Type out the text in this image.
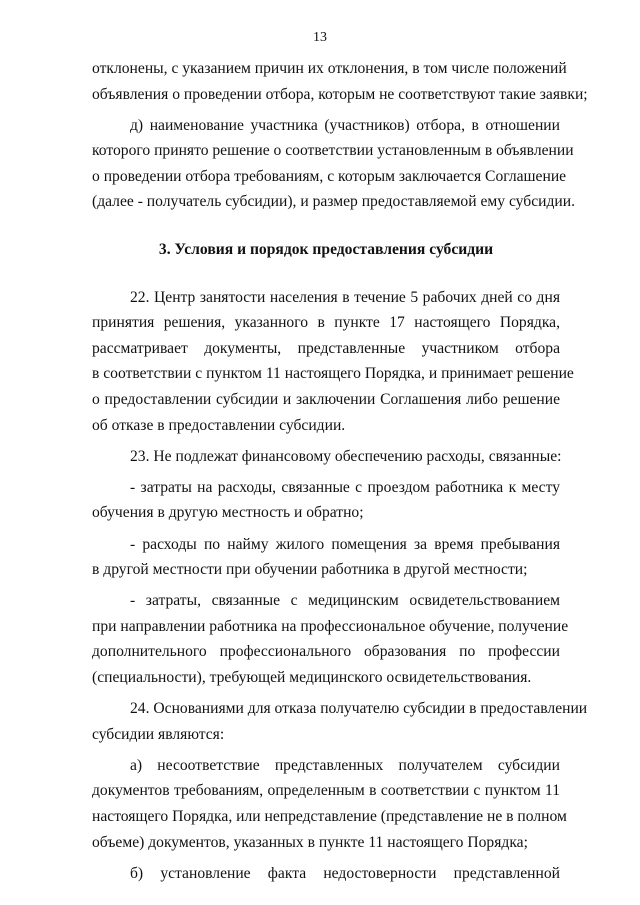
13
отклонены, с указанием причин их отклонения, в том числе положений
объявления о проведении отбора, которым не соответствуют такие заявки;
д) наименование участника (участников) отбора, в отношении
которого принято решение о соответствии установленным в объявлении
о проведении отбора требованиям, с которым заключается Соглашение
(далее - получатель субсидии), и размер предоставляемой ему субсидии.
3. Условия и порядок предоставления субсидии
22. Центр занятости населения в течение 5 рабочих дней со дня
принятия решения, указанного в пункте 17 настоящего Порядка,
рассматривает документы, представленные участником отбора
в соответствии с пунктом 11 настоящего Порядка, и принимает решение
о предоставлении субсидии и заключении Соглашения либо решение
об отказе в предоставлении субсидии.
23. Не подлежат финансовому обеспечению расходы, связанные:
- затраты на расходы, связанные с проездом работника к месту
обучения в другую местность и обратно;
- расходы по найму жилого помещения за время пребывания
в другой местности при обучении работника в другой местности;
- затраты, связанные с медицинским освидетельствованием
при направлении работника на профессиональное обучение, получение
дополнительного профессионального образования по профессии
(специальности), требующей медицинского освидетельствования.
24. Основаниями для отказа получателю субсидии в предоставлении
субсидии являются:
а) несоответствие представленных получателем субсидии
документов требованиям, определенным в соответствии с пунктом 11
настоящего Порядка, или непредставление (представление не в полном
объеме) документов, указанных в пункте 11 настоящего Порядка;
б) установление факта недостоверности представленной
